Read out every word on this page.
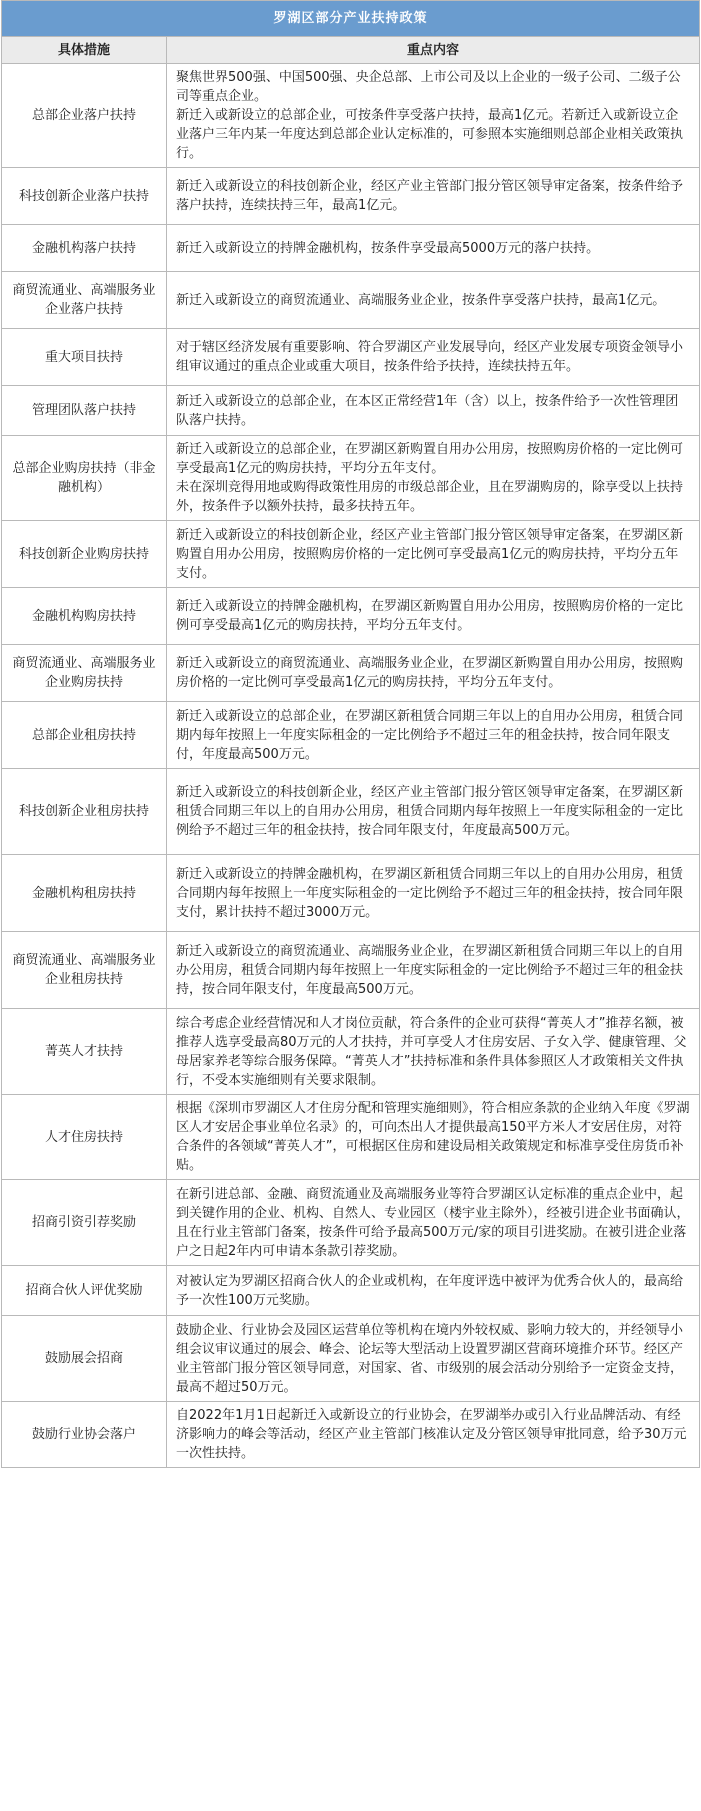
罗湖区部分产业扶持政策	
具体措施	重点内容
总部企业落户扶持	聚焦世界500强、中国500强、央企总部、上市公司及以上企业的一级子公司、二级子公司等重点企业。
新迁入或新设立的总部企业，可按条件享受落户扶持，最高1亿元。若新迁入或新设立企业落户三年内某一年度达到总部企业认定标准的，可参照本实施细则总部企业相关政策执行。

科技创新企业落户扶持	新迁入或新设立的科技创新企业，经区产业主管部门报分管区领导审定备案，按条件给予落户扶持，连续扶持三年，最高1亿元。

金融机构落户扶持	新迁入或新设立的持牌金融机构，按条件享受最高5000万元的落户扶持。

商贸流通业、高端服务业企业落户扶持	新迁入或新设立的商贸流通业、高端服务业企业，按条件享受落户扶持，最高1亿元。

重大项目扶持	对于辖区经济发展有重要影响、符合罗湖区产业发展导向，经区产业发展专项资金领导小组审议通过的重点企业或重大项目，按条件给予扶持，连续扶持五年。

管理团队落户扶持	新迁入或新设立的总部企业，在本区正常经营1年（含）以上，按条件给予一次性管理团队落户扶持。

总部企业购房扶持（非金融机构）	新迁入或新设立的总部企业，在罗湖区新购置自用办公用房，按照购房价格的一定比例可享受最高1亿元的购房扶持，平均分五年支付。
未在深圳竞得用地或购得政策性用房的市级总部企业，且在罗湖购房的，除享受以上扶持外，按条件予以额外扶持，最多扶持五年。

科技创新企业购房扶持	新迁入或新设立的科技创新企业，经区产业主管部门报分管区领导审定备案，在罗湖区新购置自用办公用房，按照购房价格的一定比例可享受最高1亿元的购房扶持，平均分五年支付。

金融机构购房扶持	新迁入或新设立的持牌金融机构，在罗湖区新购置自用办公用房，按照购房价格的一定比例可享受最高1亿元的购房扶持，平均分五年支付。

商贸流通业、高端服务业企业购房扶持	新迁入或新设立的商贸流通业、高端服务业企业，在罗湖区新购置自用办公用房，按照购房价格的一定比例可享受最高1亿元的购房扶持，平均分五年支付。

总部企业租房扶持	新迁入或新设立的总部企业，在罗湖区新租赁合同期三年以上的自用办公用房，租赁合同期内每年按照上一年度实际租金的一定比例给予不超过三年的租金扶持，按合同年限支付，年度最高500万元。

科技创新企业租房扶持	新迁入或新设立的科技创新企业，经区产业主管部门报分管区领导审定备案，在罗湖区新租赁合同期三年以上的自用办公用房，租赁合同期内每年按照上一年度实际租金的一定比例给予不超过三年的租金扶持，按合同年限支付，年度最高500万元。

金融机构租房扶持	新迁入或新设立的持牌金融机构，在罗湖区新租赁合同期三年以上的自用办公用房，租赁合同期内每年按照上一年度实际租金的一定比例给予不超过三年的租金扶持，按合同年限支付，累计扶持不超过3000万元。

商贸流通业、高端服务业企业租房扶持	新迁入或新设立的商贸流通业、高端服务业企业，在罗湖区新租赁合同期三年以上的自用办公用房，租赁合同期内每年按照上一年度实际租金的一定比例给予不超过三年的租金扶持，按合同年限支付，年度最高500万元。

菁英人才扶持	综合考虑企业经营情况和人才岗位贡献，符合条件的企业可获得“菁英人才”推荐名额，被推荐人选享受最高80万元的人才扶持，并可享受人才住房安居、子女入学、健康管理、父母居家养老等综合服务保障。“菁英人才”扶持标准和条件具体参照区人才政策相关文件执行，不受本实施细则有关要求限制。

人才住房扶持	根据《深圳市罗湖区人才住房分配和管理实施细则》，符合相应条款的企业纳入年度《罗湖区人才安居企事业单位名录》的，可向杰出人才提供最高150平方米人才安居住房，对符合条件的各领域“菁英人才”，可根据区住房和建设局相关政策规定和标准享受住房货币补贴。

招商引资引荐奖励	在新引进总部、金融、商贸流通业及高端服务业等符合罗湖区认定标准的重点企业中，起到关键作用的企业、机构、自然人、专业园区（楼宇业主除外），经被引进企业书面确认，且在行业主管部门备案，按条件可给予最高500万元/家的项目引进奖励。在被引进企业落户之日起2年内可申请本条款引荐奖励。

招商合伙人评优奖励	对被认定为罗湖区招商合伙人的企业或机构，在年度评选中被评为优秀合伙人的，最高给予一次性100万元奖励。

鼓励展会招商	鼓励企业、行业协会及园区运营单位等机构在境内外较权威、影响力较大的，并经领导小组会议审议通过的展会、峰会、论坛等大型活动上设置罗湖区营商环境推介环节。经区产业主管部门报分管区领导同意，对国家、省、市级别的展会活动分别给予一定资金支持，最高不超过50万元。

鼓励行业协会落户	自2022年1月1日起新迁入或新设立的行业协会，在罗湖举办或引入行业品牌活动、有经济影响力的峰会等活动，经区产业主管部门核准认定及分管区领导审批同意，给予30万元一次性扶持。
